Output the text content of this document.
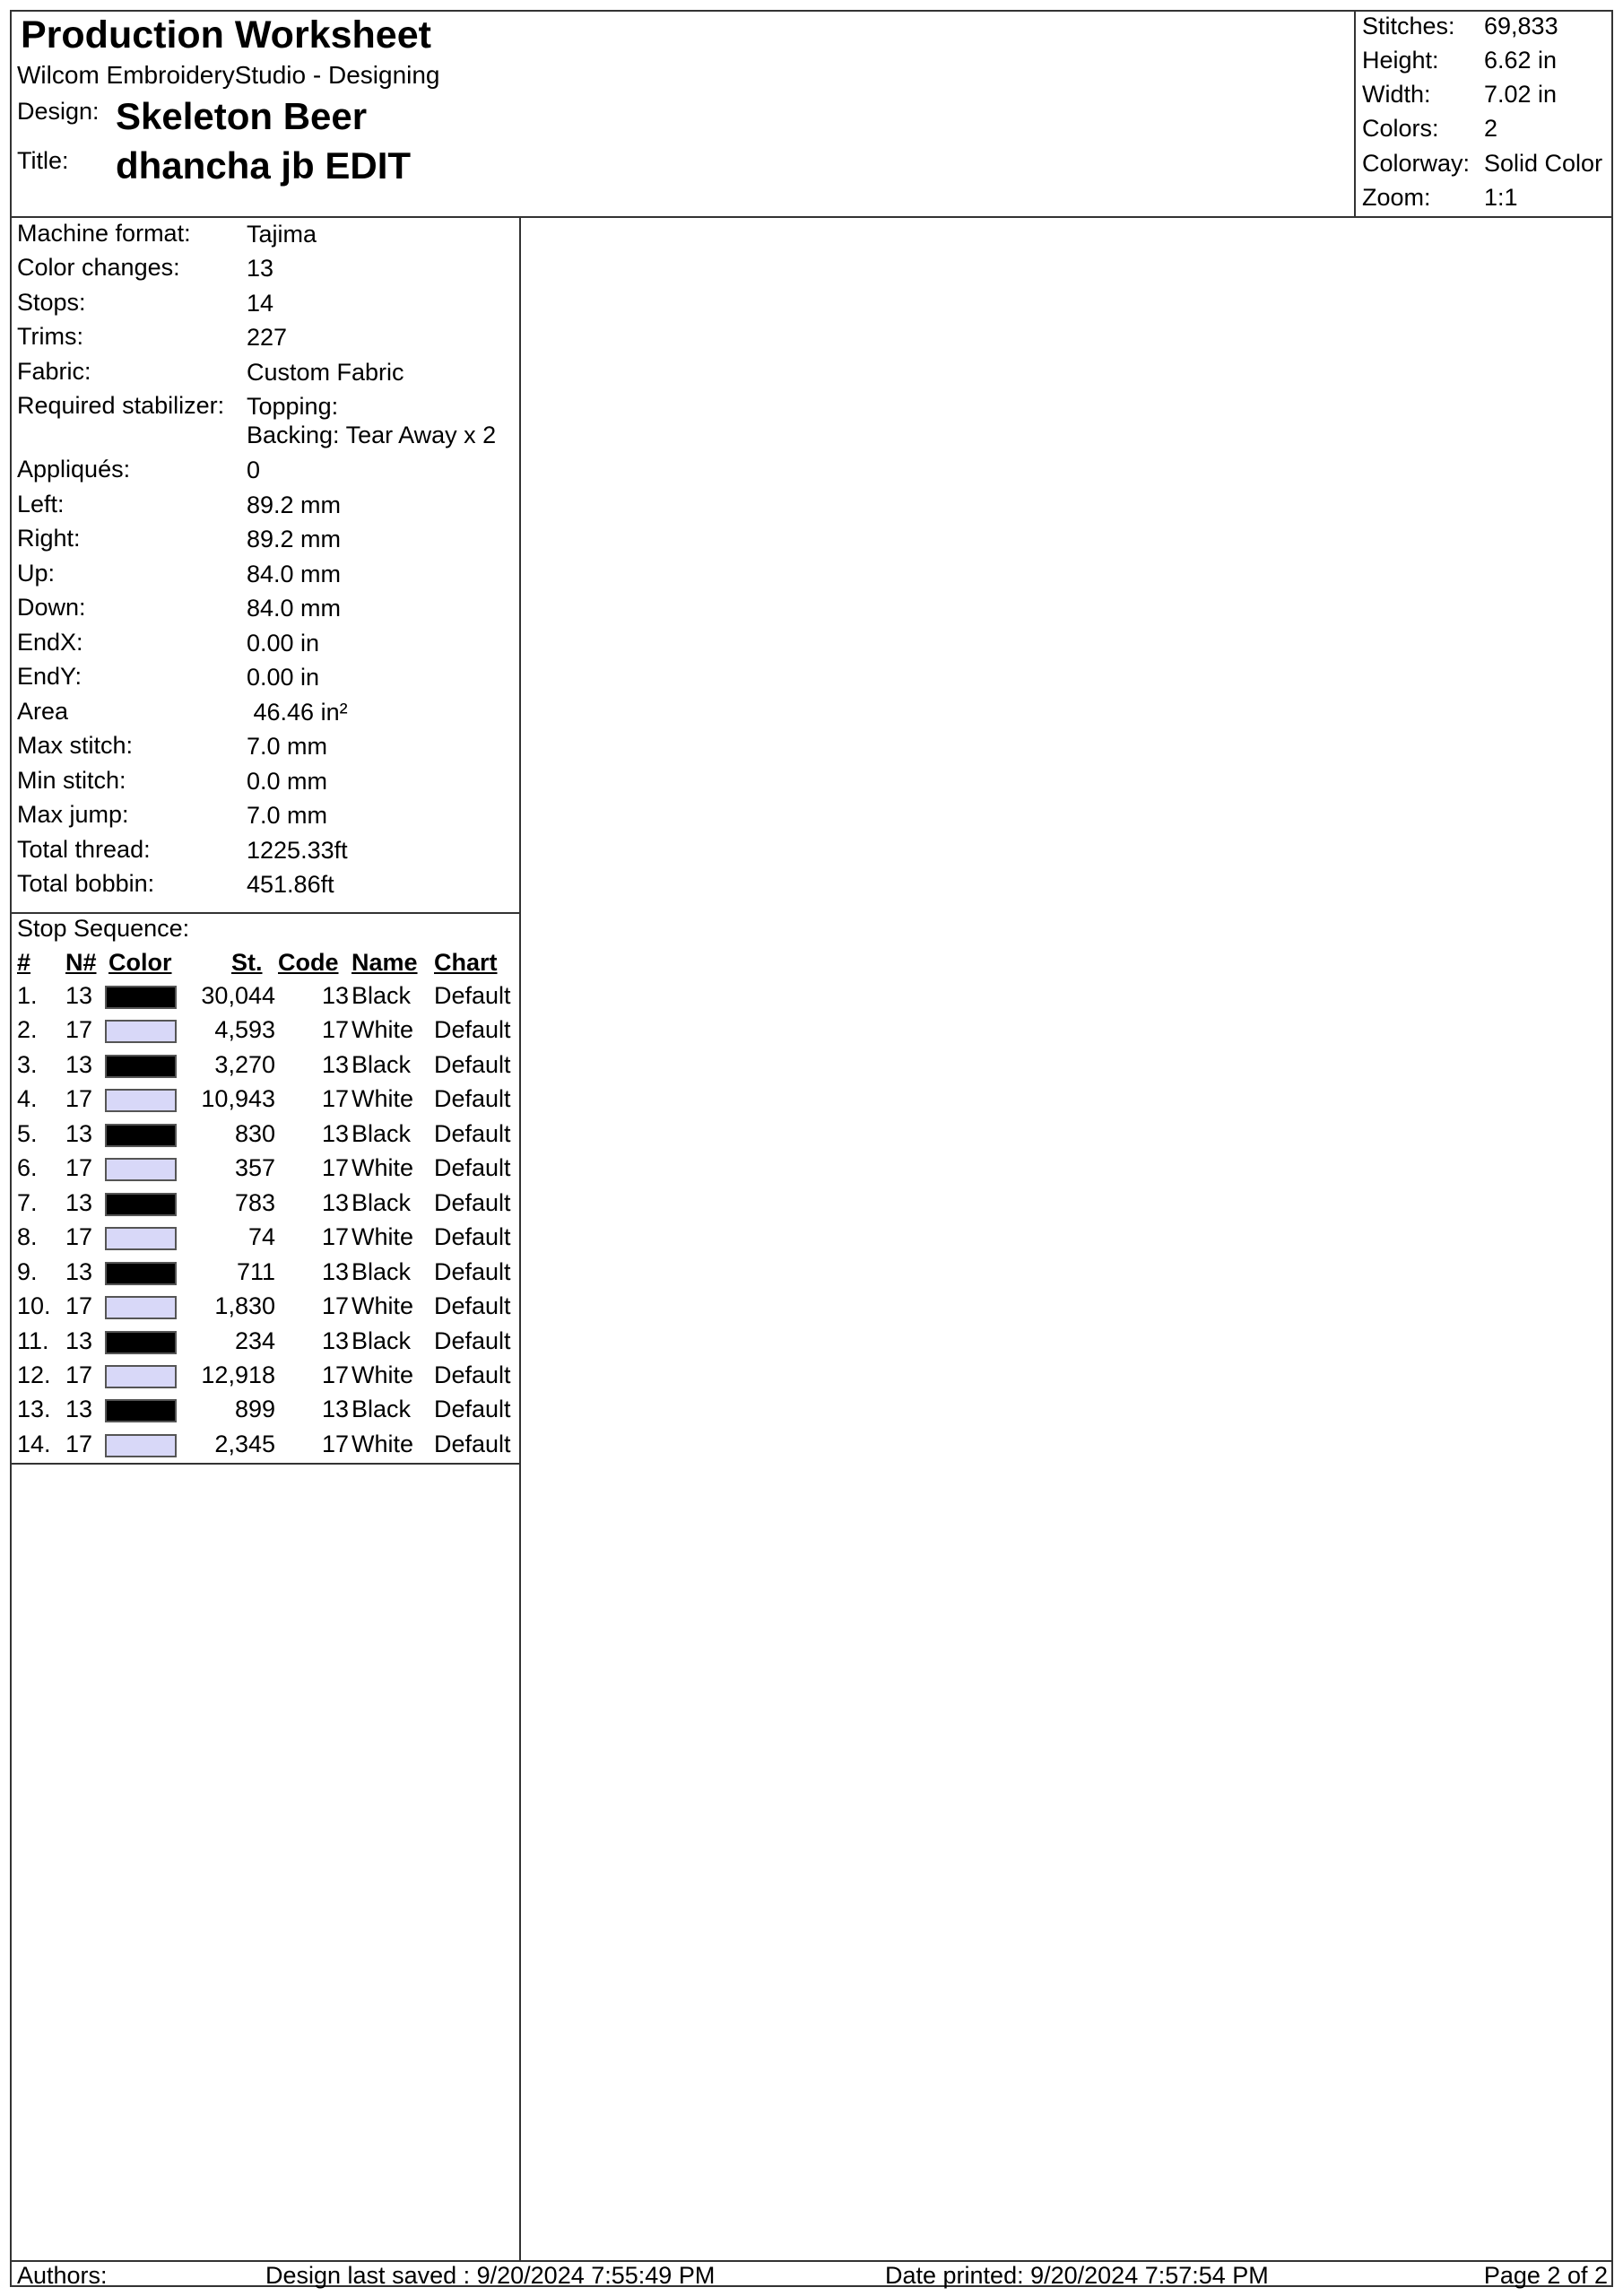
Production Worksheet
Wilcom EmbroideryStudio - Designing
Design: Skeleton Beer
Title: dhancha jb EDIT
Stitches: 69,833
Height: 6.62 in
Width: 7.02 in
Colors: 2
Colorway: Solid Color
Zoom: 1:1
Machine format: Tajima
Color changes:	13
Stops:	14
Trims:	227
Fabric:	Custom Fabric
Required stabilizer: Topping:
Backing: Tear Away x 2
Appliqués:	0
Left:	89.2 mm
Right:	89.2 mm
Up:	84.0 mm
Down:	84.0 mm
EndX:	0.00 in
EndY:	0.00 in
Area	46.46 in²
Max stitch:	7.0 mm
Min stitch:	0.0 mm
Max jump:	7.0 mm
Total thread:	1225.33ft
Total bobbin:	451.86ft
Stop Sequence:
# N# Color St. Code Name Chart
1. 13	30,044 13 Black Default
2. 17	4,593 17 White Default
3. 13	3,270 13 Black Default
4. 17	10,943 17 White Default
5. 13	830 13 Black Default
6. 17	357 17 White Default
7. 13	783 13 Black Default
8. 17	74 17 White Default
9. 13	711 13 Black Default
10. 17	1,830 17 White Default
11. 13	234 13 Black Default
12. 17	12,918 17 White Default
13. 13	899 13 Black Default
14. 17	2,345 17 White Default
Authors:	Design last saved : 9/20/2024 7:55:49 PM	Date printed: 9/20/2024 7:57:54 PM	Page 2 of 2
